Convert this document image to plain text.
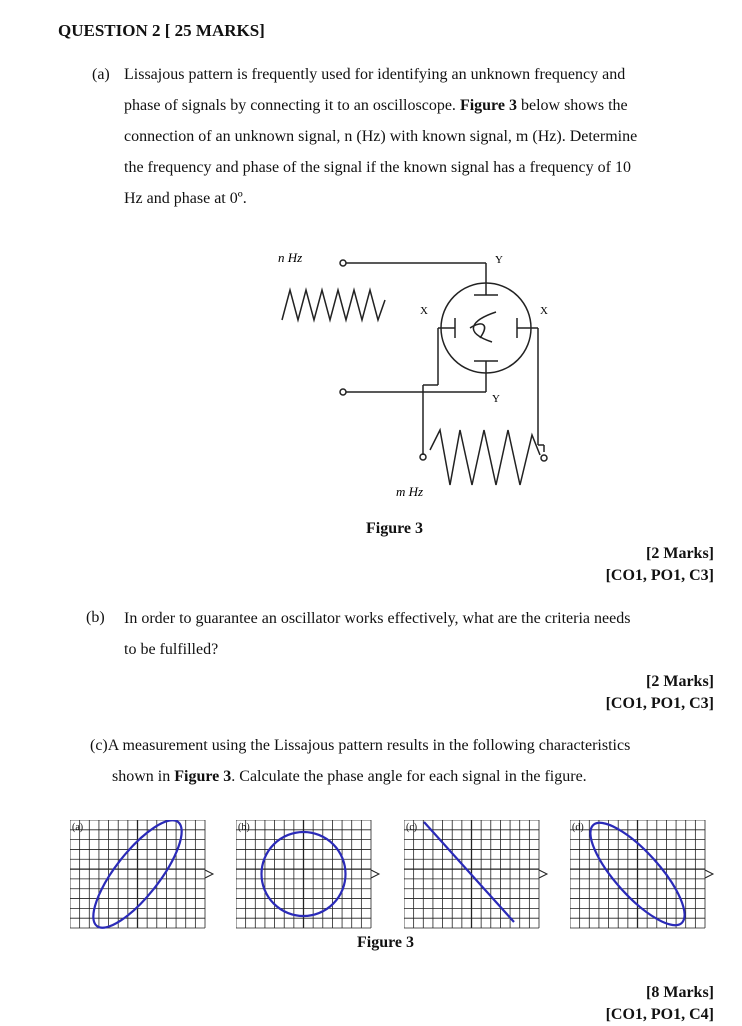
QUESTION 2 [ 25 MARKS]
(a) Lissajous pattern is frequently used for identifying an unknown frequency and
phase of signals by connecting it to an oscilloscope. Figure 3 below shows the
connection of an unknown signal, n (Hz) with known signal, m (Hz). Determine
the frequency and phase of the signal if the known signal has a frequency of 10
Hz and phase at 0º.
n Hz	Y
Y
X	X
m Hz
Figure 3
[2 Marks]
[CO1, PO1, C3]
(b) In order to guarantee an oscillator works effectively, what are the criteria needs
to be fulfilled?
[2 Marks]
[CO1, PO1, C3]
(c)A measurement using the Lissajous pattern results in the following characteristics
shown in Figure 3. Calculate the phase angle for each signal in the figure.
(a)	(b)	(c)	(d)
Figure 3
[8 Marks]
[CO1, PO1, C4]
